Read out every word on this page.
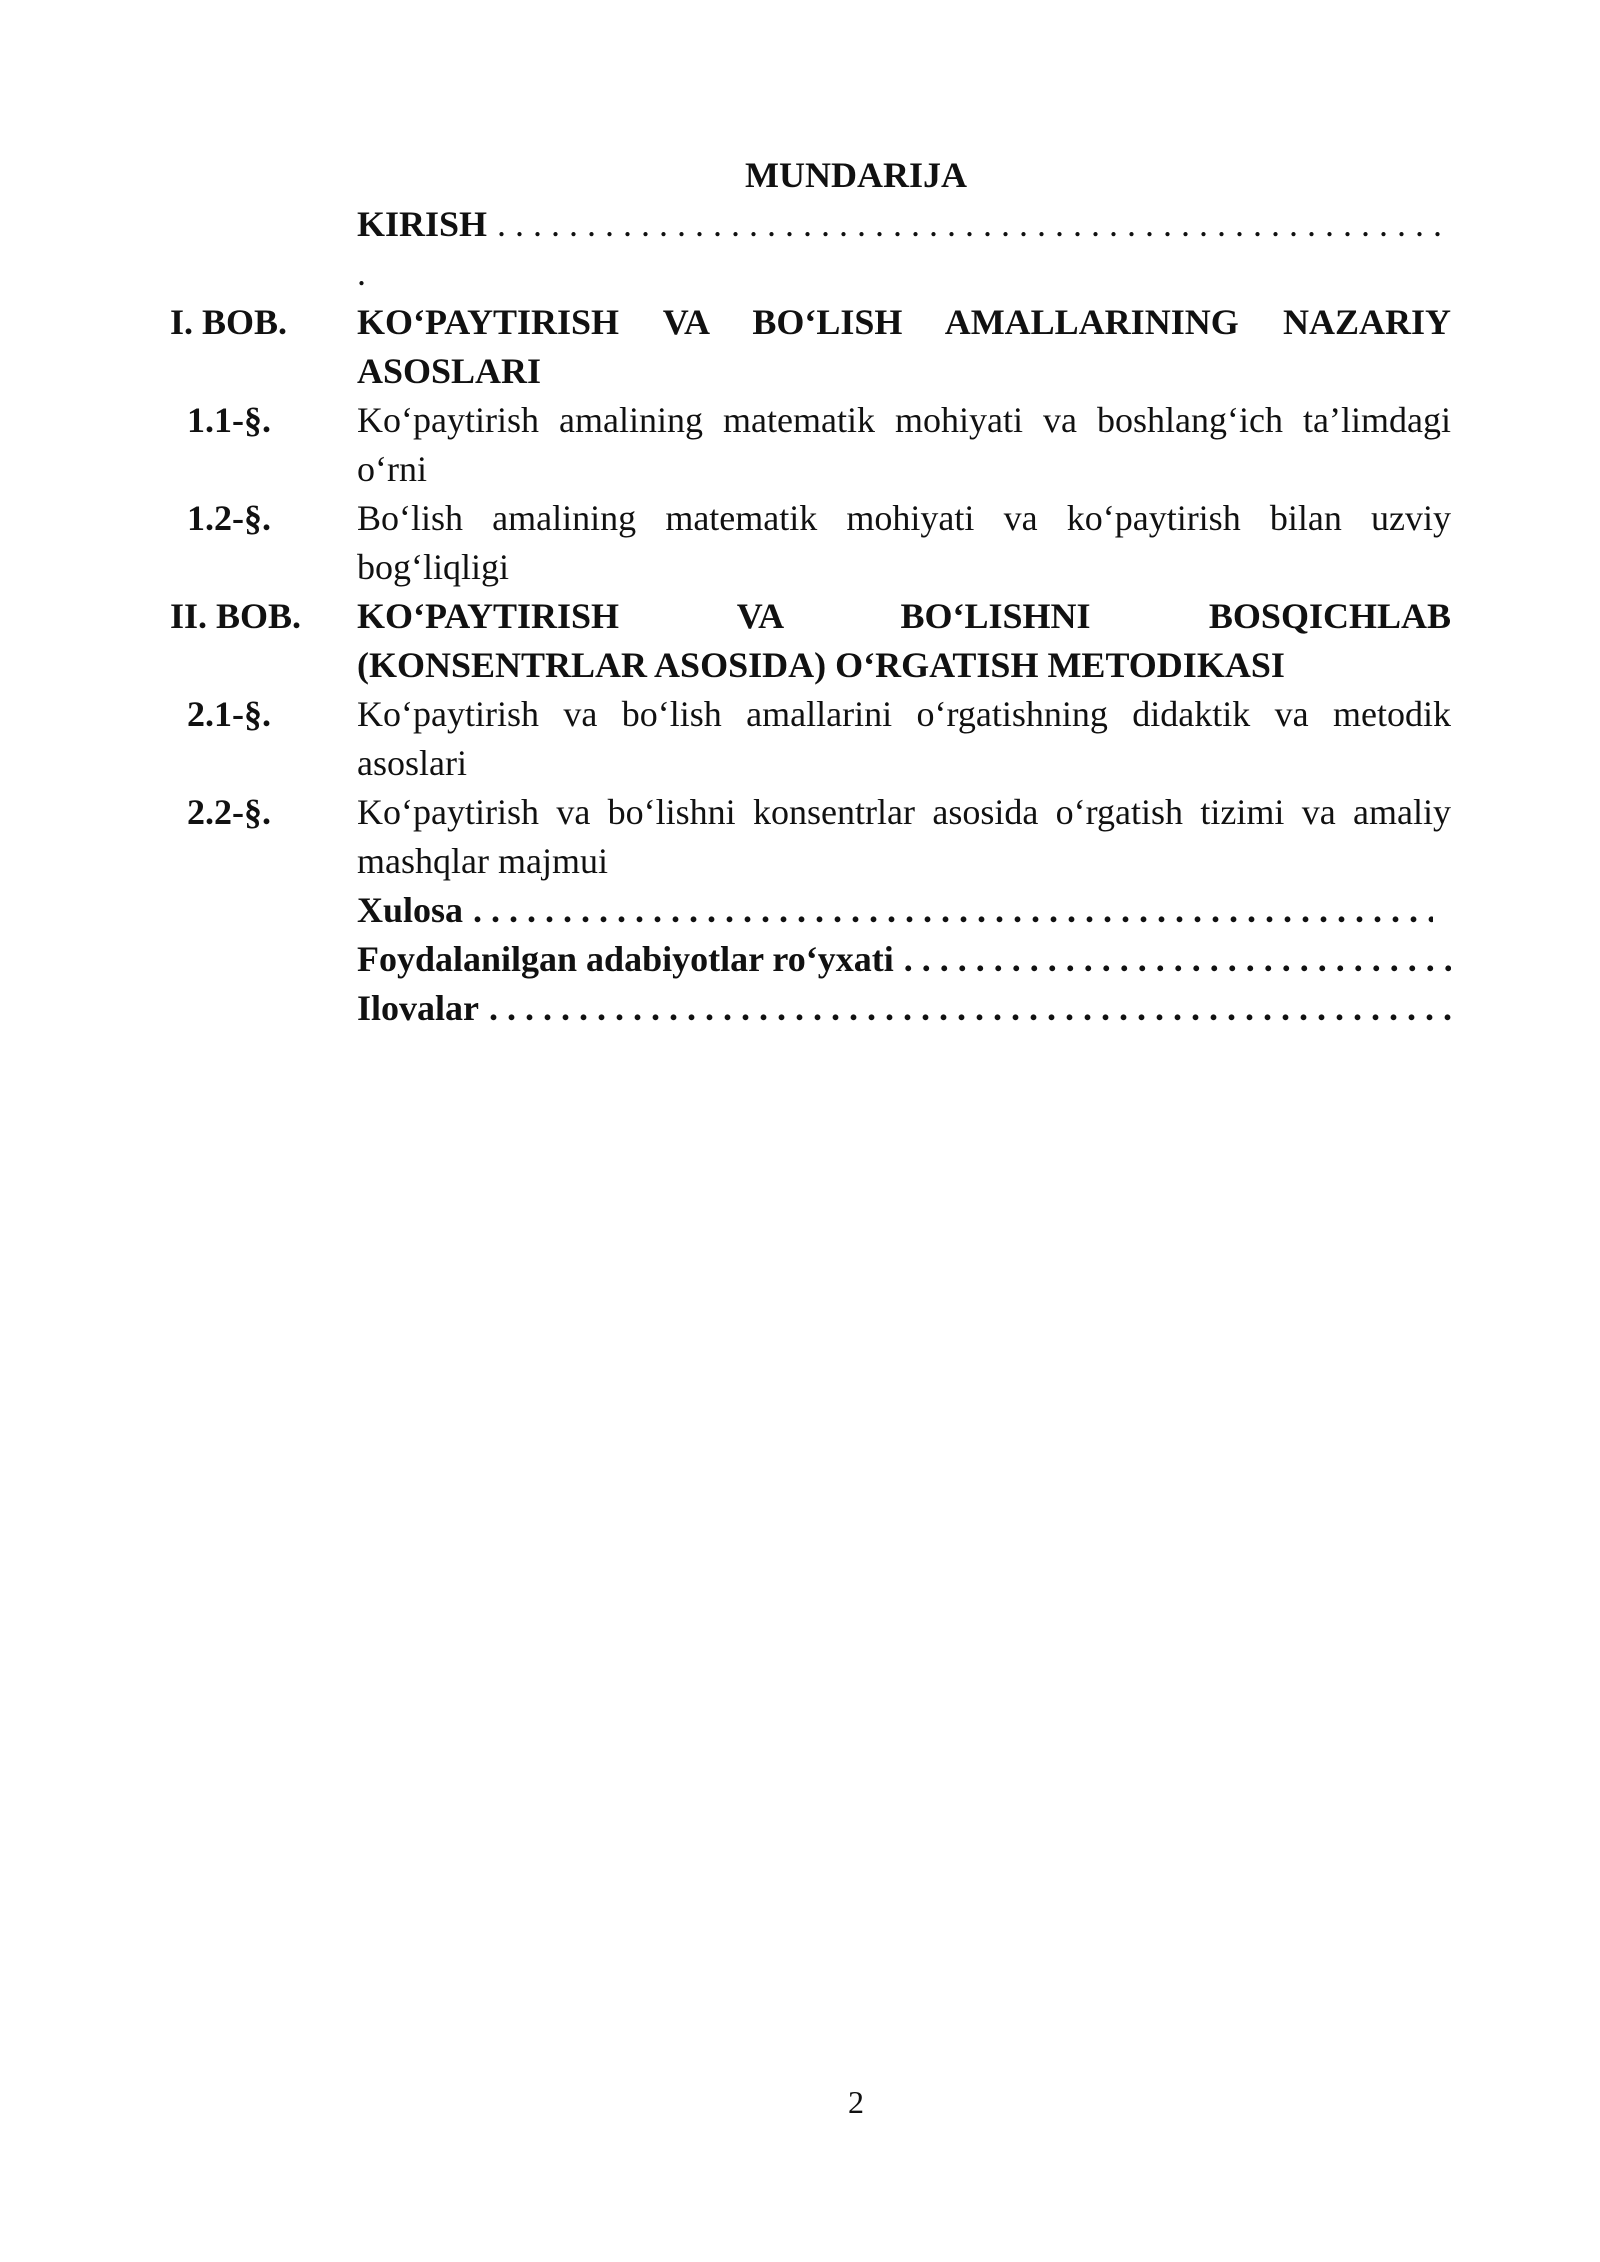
MUNDARIJA
KIRISH
. . .
.
I. BOB.	KO‘PAYTIRISH VA BO‘LISH AMALLARINING NAZARIY ASOSLARI
1.1-§.	Ko‘paytirish amalining matematik mohiyati va boshlang‘ich ta’limdagi o‘rni
1.2-§.	Bo‘lish amalining matematik mohiyati va ko‘paytirish bilan uzviy bog‘liqligi
II. BOB.	KO‘PAYTIRISH VA BO‘LISHNI BOSQICHLAB
(KONSENTRLAR ASOSIDA) O‘RGATISH METODIKASI
2.1-§.	Ko‘paytirish va bo‘lish amallarini o‘rgatishning didaktik va metodik asoslari
2.2-§.	Ko‘paytirish va bo‘lishni konsentrlar asosida o‘rgatish tizimi va amaliy mashqlar majmui
Xulosa
. . .
Foydalanilgan adabiyotlar ro‘yxati
. . .
Ilovalar
. . .
2
